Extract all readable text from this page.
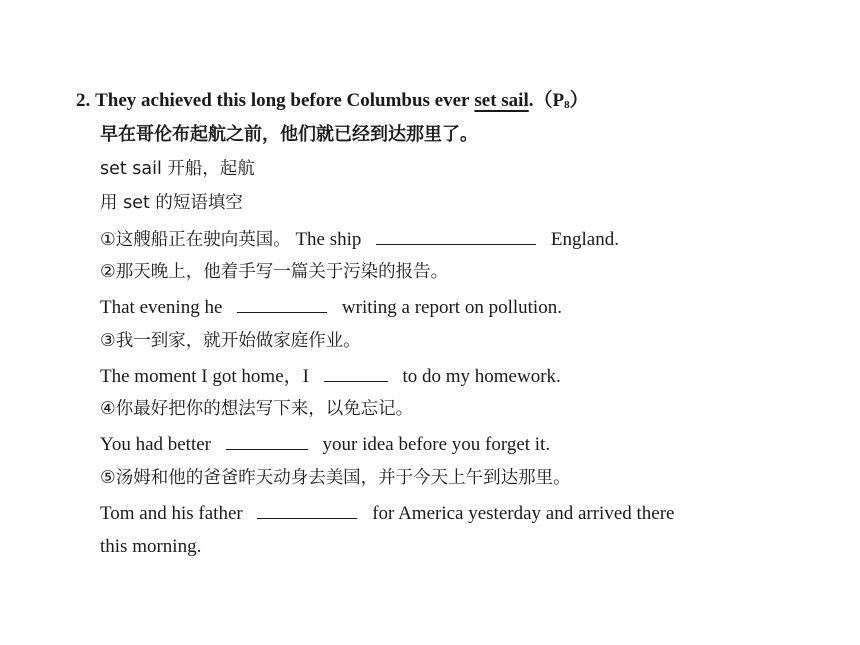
2. They achieved this long before Columbus ever set sail.（P8）
早在哥伦布起航之前，他们就已经到达那里了。
set sail 开船，起航
用 set 的短语填空
①这艘船正在驶向英国。 The ship	England.
②那天晚上，他着手写一篇关于污染的报告。
That evening he	writing a report on pollution.
③我一到家，就开始做家庭作业。
The moment I got home，I	to do my homework.
④你最好把你的想法写下来，以免忘记。
You had better	your idea before you forget it.
⑤汤姆和他的爸爸昨天动身去美国，并于今天上午到达那里。
Tom and his father	for America yesterday and arrived there
this morning.
